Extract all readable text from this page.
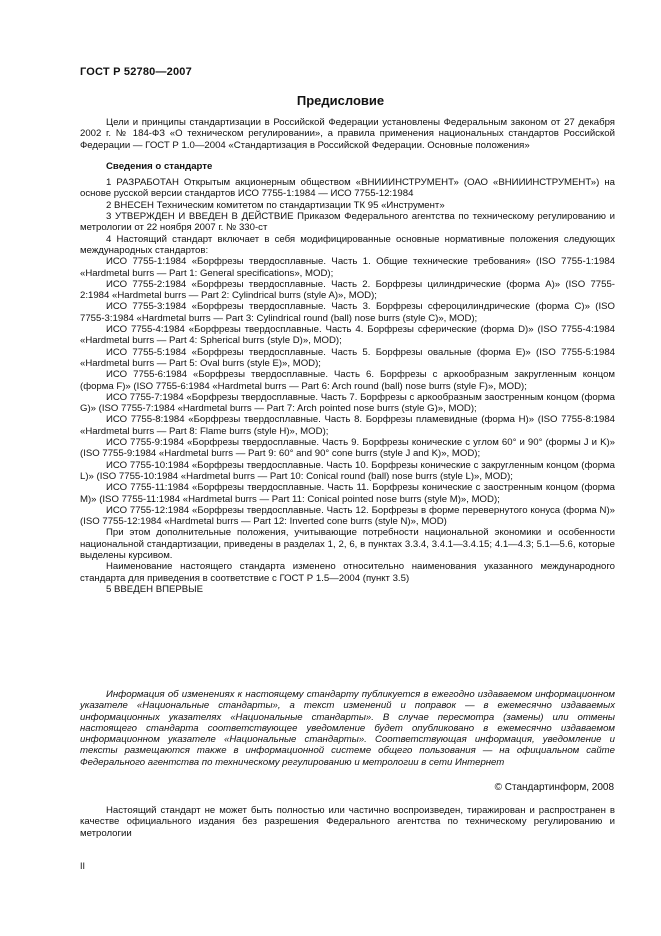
ГОСТ Р 52780—2007
Предисловие

Цели и принципы стандартизации в Российской Федерации установлены Федеральным законом от 27 декабря 2002 г. № 184-ФЗ «О техническом регулировании», а правила применения национальных стандартов Российской Федерации — ГОСТ Р 1.0—2004 «Стандартизация в Российской Федерации. Основные положения»

Сведения о стандарте

1 РАЗРАБОТАН Открытым акционерным обществом «ВНИИИНСТРУМЕНТ» (ОАО «ВНИИИНСТРУМЕНТ») на основе русской версии стандартов ИСО 7755-1:1984 — ИСО 7755-12:1984

2 ВНЕСЕН Техническим комитетом по стандартизации ТК 95 «Инструмент»

3 УТВЕРЖДЕН И ВВЕДЕН В ДЕЙСТВИЕ Приказом Федерального агентства по техническому регулированию и метрологии от 22 ноября 2007 г. № 330-ст

4 Настоящий стандарт включает в себя модифицированные основные нормативные положения следующих международных стандартов:

ИСО 7755-1:1984 «Борфрезы твердосплавные. Часть 1. Общие технические требования» (ISO 7755-1:1984 «Hardmetal burrs — Part 1: General specifications», MOD);

ИСО 7755-2:1984 «Борфрезы твердосплавные. Часть 2. Борфрезы цилиндрические (форма A)» (ISO 7755-2:1984 «Hardmetal burrs — Part 2: Cylindrical burrs (style A)», MOD);

ИСО 7755-3:1984 «Борфрезы твердосплавные. Часть 3. Борфрезы сфероцилиндрические (форма C)» (ISO 7755-3:1984 «Hardmetal burrs — Part 3: Cylindrical round (ball) nose burrs (style C)», MOD);

ИСО 7755-4:1984 «Борфрезы твердосплавные. Часть 4. Борфрезы сферические (форма D)» (ISO 7755-4:1984 «Hardmetal burrs — Part 4: Spherical burrs (style D)», MOD);

ИСО 7755-5:1984 «Борфрезы твердосплавные. Часть 5. Борфрезы овальные (форма E)» (ISO 7755-5:1984 «Hardmetal burrs — Part 5: Oval burrs (style E)», MOD);

ИСО 7755-6:1984 «Борфрезы твердосплавные. Часть 6. Борфрезы с аркообразным закругленным концом (форма F)» (ISO 7755-6:1984 «Hardmetal burrs — Part 6: Arch round (ball) nose burrs (style F)», MOD);

ИСО 7755-7:1984 «Борфрезы твердосплавные. Часть 7. Борфрезы с аркообразным заостренным концом (форма G)» (ISO 7755-7:1984 «Hardmetal burrs — Part 7: Arch pointed nose burrs (style G)», MOD);

ИСО 7755-8:1984 «Борфрезы твердосплавные. Часть 8. Борфрезы пламевидные (форма H)» (ISO 7755-8:1984 «Hardmetal burrs — Part 8: Flame burrs (style H)», MOD);

ИСО 7755-9:1984 «Борфрезы твердосплавные. Часть 9. Борфрезы конические с углом 60° и 90° (формы J и K)» (ISO 7755-9:1984 «Hardmetal burrs — Part 9: 60° and 90° cone burrs (style J and K)», MOD);

ИСО 7755-10:1984 «Борфрезы твердосплавные. Часть 10. Борфрезы конические с закругленным концом (форма L)» (ISO 7755-10:1984 «Hardmetal burrs — Part 10: Conical round (ball) nose burrs (style L)», MOD);

ИСО 7755-11:1984 «Борфрезы твердосплавные. Часть 11. Борфрезы конические с заостренным концом (форма M)» (ISO 7755-11:1984 «Hardmetal burrs — Part 11: Conical pointed nose burrs (style M)», MOD);

ИСО 7755-12:1984 «Борфрезы твердосплавные. Часть 12. Борфрезы в форме перевернутого конуса (форма N)» (ISO 7755-12:1984 «Hardmetal burrs — Part 12: Inverted cone burrs (style N)», MOD)

При этом дополнительные положения, учитывающие потребности национальной экономики и особенности национальной стандартизации, приведены в разделах 1, 2, 6, в пунктах 3.3.4, 3.4.1—3.4.15; 4.1—4.3; 5.1—5.6, которые выделены курсивом.

Наименование настоящего стандарта изменено относительно наименования указанного международного стандарта для приведения в соответствие с ГОСТ Р 1.5—2004 (пункт 3.5)

5 ВВЕДЕН ВПЕРВЫЕ

Информация об изменениях к настоящему стандарту публикуется в ежегодно издаваемом информационном указателе «Национальные стандарты», а текст изменений и поправок — в ежемесячно издаваемых информационных указателях «Национальные стандарты». В случае пересмотра (замены) или отмены настоящего стандарта соответствующее уведомление будет опубликовано в ежемесячно издаваемом информационном указателе «Национальные стандарты». Соответствующая информация, уведомление и тексты размещаются также в информационной системе общего пользования — на официальном сайте Федерального агентства по техническому регулированию и метрологии в сети Интернет

© Стандартинформ, 2008
Настоящий стандарт не может быть полностью или частично воспроизведен, тиражирован и распространен в качестве официального издания без разрешения Федерального агентства по техническому регулированию и метрологии
II
